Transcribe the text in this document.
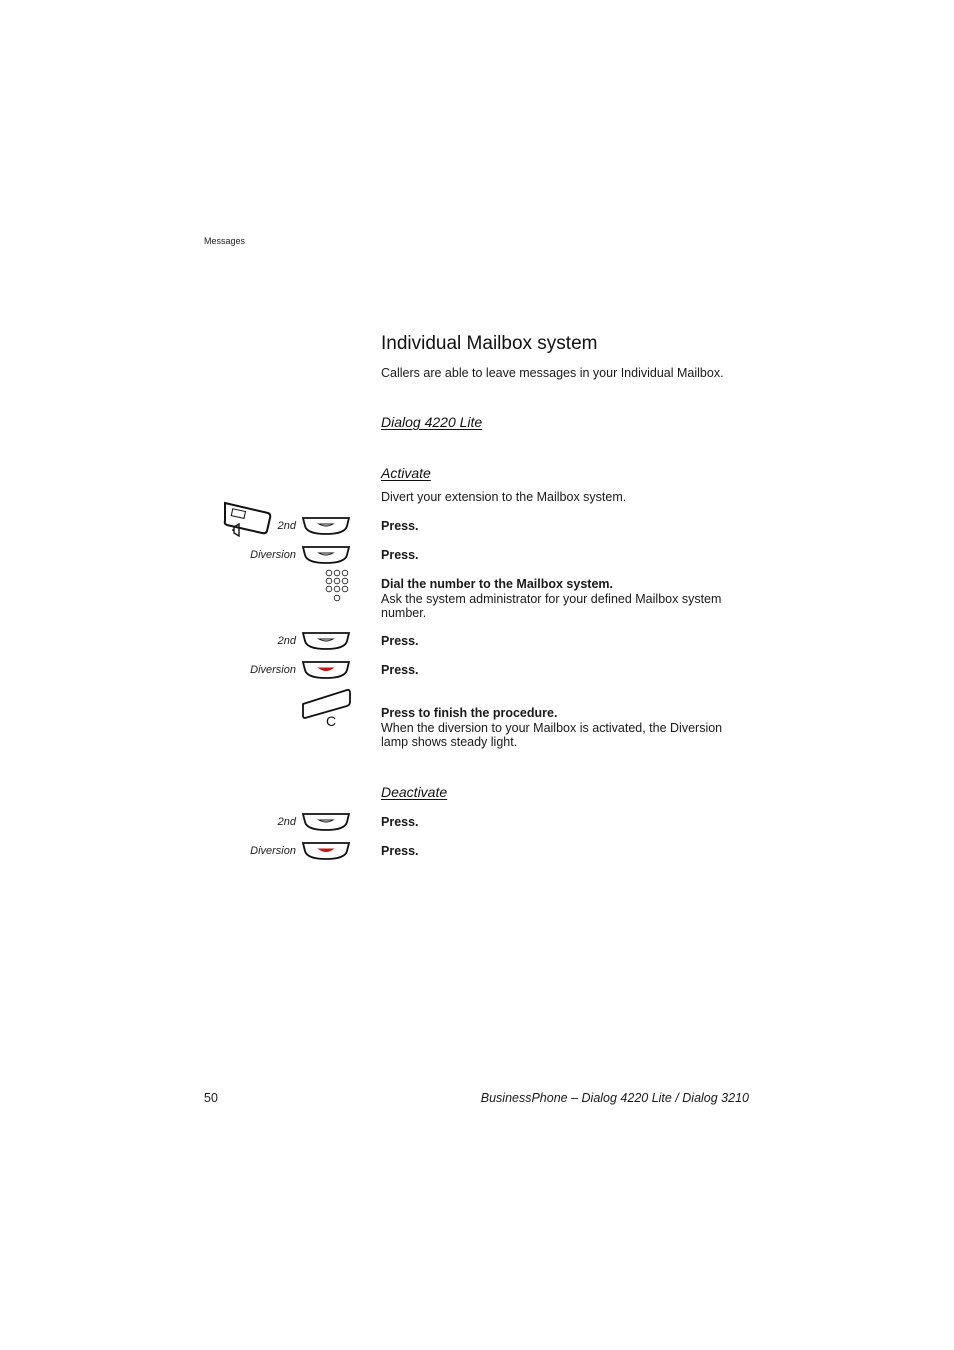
Messages
Individual Mailbox system
Callers are able to leave messages in your Individual Mailbox.
Dialog 4220 Lite
Activate
Divert your extension to the Mailbox system.
2nd	Press.
Diversion	Press.
Dial the number to the Mailbox system.
Ask the system administrator for your defined Mailbox system number.
2nd	Press.
Diversion	Press.
C	Press to finish the procedure.
When the diversion to your Mailbox is activated, the Diversion lamp shows steady light.
Deactivate
2nd	Press.
Diversion	Press.
50	BusinessPhone – Dialog 4220 Lite / Dialog 3210
